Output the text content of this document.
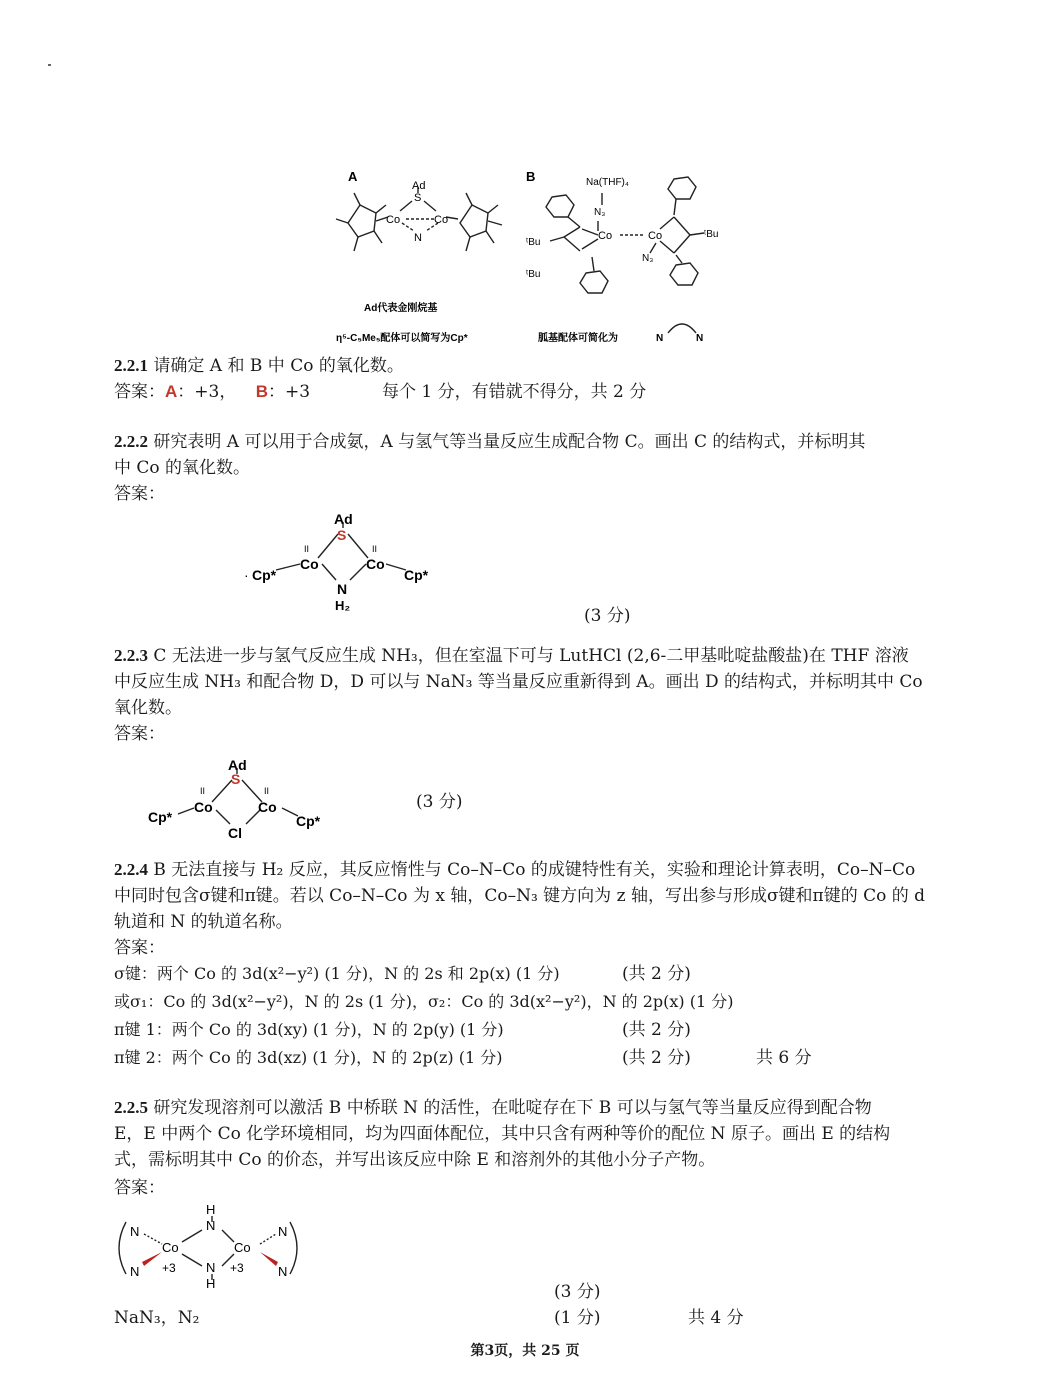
A
Ad
S
Co	Co
N
B	Na(THF)₄
N₃
Co	Co
N₃
ᵗBu
ᵗBu
ᵗBu
Ad代表金刚烷基
η⁵-C₅Me₅配体可以简写为Cp*	胍基配体可简化为	N	N
2.2.1 请确定 A 和 B 中 Co 的氧化数。
答案：A：+3， B：+3	每个 1 分，有错就不得分，共 2 分
2.2.2 研究表明 A 可以用于合成氨，A 与氢气等当量反应生成配合物 C。画出 C 的结构式，并标明其
中 Co 的氧化数。
答案：
Ad
S
II	II
Co	Co
· Cp*	Cp*
N
H₂
(3 分)
2.2.3 C 无法进一步与氢气反应生成 NH₃，但在室温下可与 LutHCl (2,6-二甲基吡啶盐酸盐)在 THF 溶液
中反应生成 NH₃ 和配合物 D，D 可以与 NaN₃ 等当量反应重新得到 A。画出 D 的结构式，并标明其中 Co
氧化数。
答案：
Ad
S
II	II
Co	Co
Cp*	Cp*
Cl
(3 分)
2.2.4 B 无法直接与 H₂ 反应，其反应惰性与 Co–N–Co 的成键特性有关，实验和理论计算表明，Co–N–Co
中同时包含σ键和π键。若以 Co–N–Co 为 x 轴，Co–N₃ 键方向为 z 轴，写出参与形成σ键和π键的 Co 的 d
轨道和 N 的轨道名称。
答案：
σ键：两个 Co 的 3d(x²−y²) (1 分)，N 的 2s 和 2p(x) (1 分)	(共 2 分)
或σ₁：Co 的 3d(x²−y²)，N 的 2s (1 分)，σ₂：Co 的 3d(x²−y²)，N 的 2p(x) (1 分)
π键 1：两个 Co 的 3d(xy) (1 分)，N 的 2p(y) (1 分)	(共 2 分)
π键 2：两个 Co 的 3d(xz) (1 分)，N 的 2p(z) (1 分)	(共 2 分)	共 6 分
2.2.5 研究发现溶剂可以激活 B 中桥联 N 的活性，在吡啶存在下 B 可以与氢气等当量反应得到配合物
E，E 中两个 Co 化学环境相同，均为四面体配位，其中只含有两种等价的配位 N 原子。画出 E 的结构
式，需标明其中 Co 的价态，并写出该反应中除 E 和溶剂外的其他小分子产物。
答案：
N
N
N
N
H
N
N
H
Co	Co
+3	+3
(3 分)
NaN₃，N₂	(1 分)	共 4 分
第3页，共 25 页
